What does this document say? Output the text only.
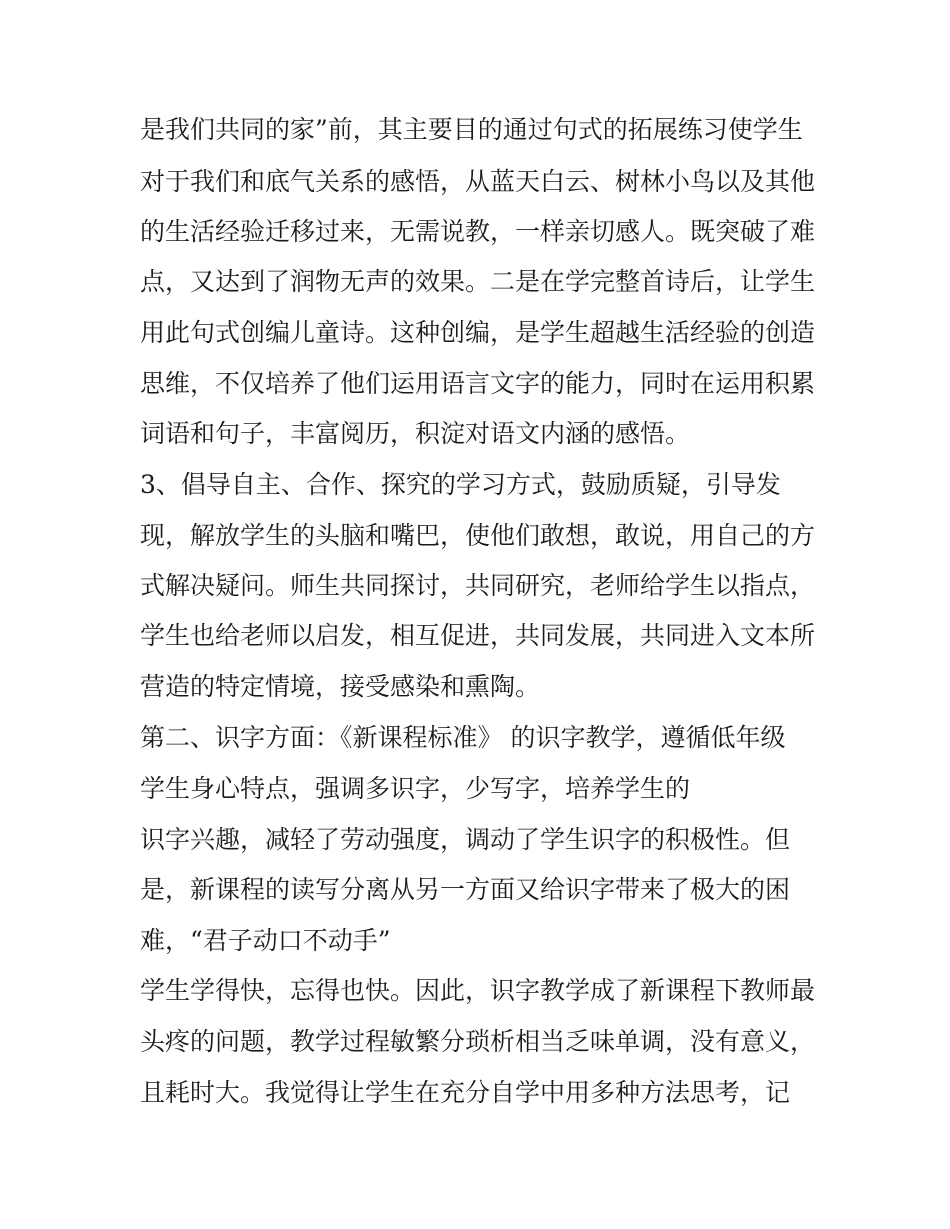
是我们共同的家”前，其主要目的通过句式的拓展练习使学生
对于我们和底气关系的感悟，从蓝天白云、树林小鸟以及其他
的生活经验迁移过来，无需说教，一样亲切感人。既突破了难
点，又达到了润物无声的效果。二是在学完整首诗后，让学生
用此句式创编儿童诗。这种创编，是学生超越生活经验的创造
思维，不仅培养了他们运用语言文字的能力，同时在运用积累
词语和句子，丰富阅历，积淀对语文内涵的感悟。
3、倡导自主、合作、探究的学习方式，鼓励质疑，引导发
现，解放学生的头脑和嘴巴，使他们敢想，敢说，用自己的方
式解决疑问。师生共同探讨，共同研究，老师给学生以指点，
学生也给老师以启发，相互促进，共同发展，共同进入文本所
营造的特定情境，接受感染和熏陶。
第二、识字方面：《新课程标准》 的识字教学，遵循低年级
学生身心特点，强调多识字，少写字，培养学生的
识字兴趣，减轻了劳动强度，调动了学生识字的积极性。但
是，新课程的读写分离从另一方面又给识字带来了极大的困
难，“君子动口不动手”
学生学得快，忘得也快。因此，识字教学成了新课程下教师最
头疼的问题，教学过程敏繁分琐析相当乏味单调，没有意义，
且耗时大。我觉得让学生在充分自学中用多种方法思考，记
